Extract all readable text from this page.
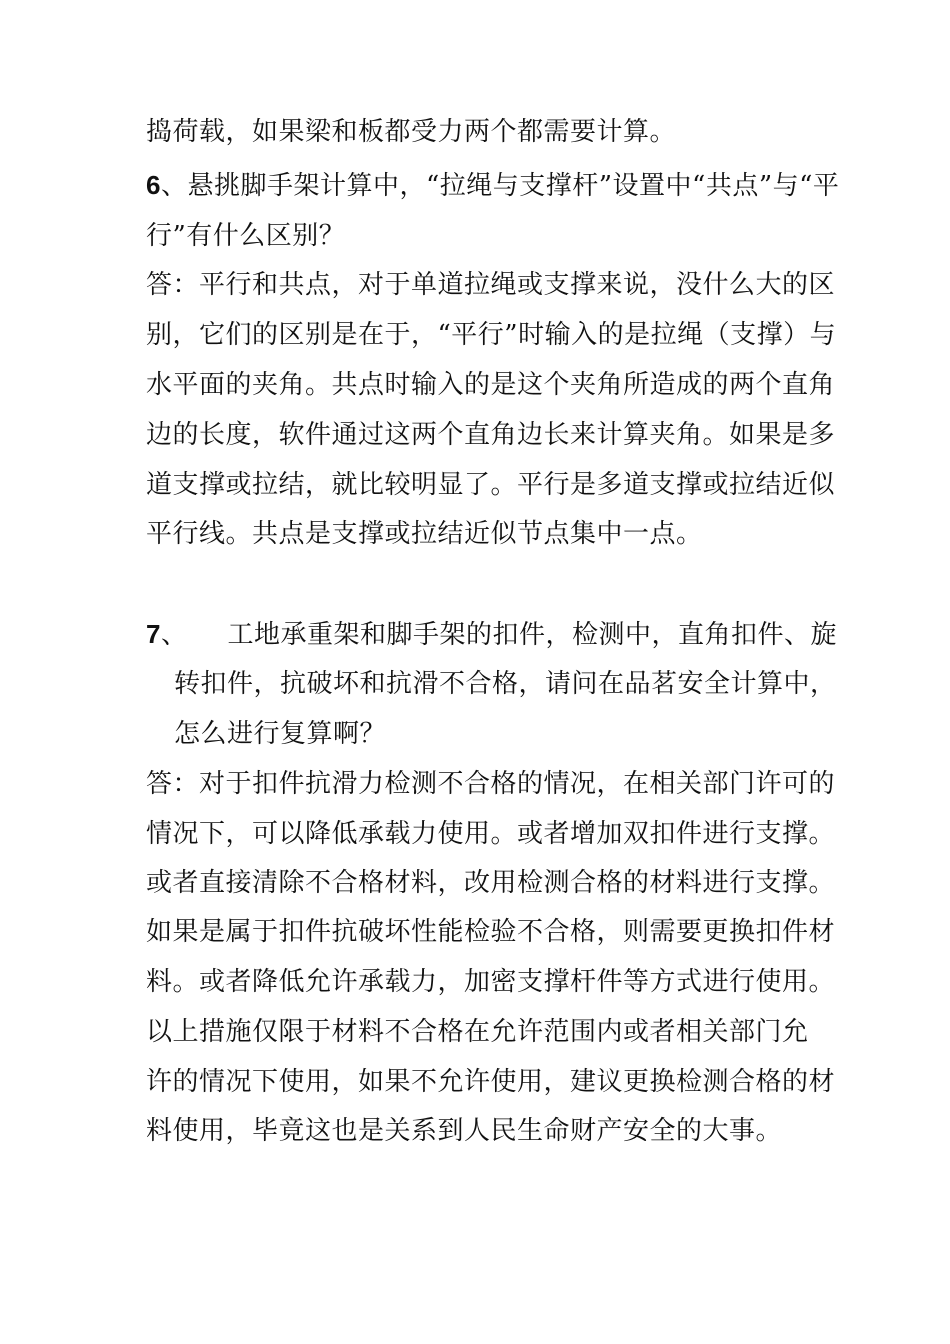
捣荷载，如果梁和板都受力两个都需要计算。
6、悬挑脚手架计算中，“拉绳与支撑杆”设置中“共点”与“平
行”有什么区别？
答：平行和共点，对于单道拉绳或支撑来说，没什么大的区
别，它们的区别是在于，“平行”时输入的是拉绳（支撑）与
水平面的夹角。共点时输入的是这个夹角所造成的两个直角
边的长度，软件通过这两个直角边长来计算夹角。如果是多
道支撑或拉结，就比较明显了。平行是多道支撑或拉结近似
平行线。共点是支撑或拉结近似节点集中一点。
7、 工地承重架和脚手架的扣件，检测中，直角扣件、旋
转扣件，抗破坏和抗滑不合格，请问在品茗安全计算中，
怎么进行复算啊？
答：对于扣件抗滑力检测不合格的情况，在相关部门许可的
情况下，可以降低承载力使用。或者增加双扣件进行支撑。
或者直接清除不合格材料，改用检测合格的材料进行支撑。
如果是属于扣件抗破坏性能检验不合格，则需要更换扣件材
料。或者降低允许承载力，加密支撑杆件等方式进行使用。
以上措施仅限于材料不合格在允许范围内或者相关部门允
许的情况下使用，如果不允许使用，建议更换检测合格的材
料使用，毕竟这也是关系到人民生命财产安全的大事。
